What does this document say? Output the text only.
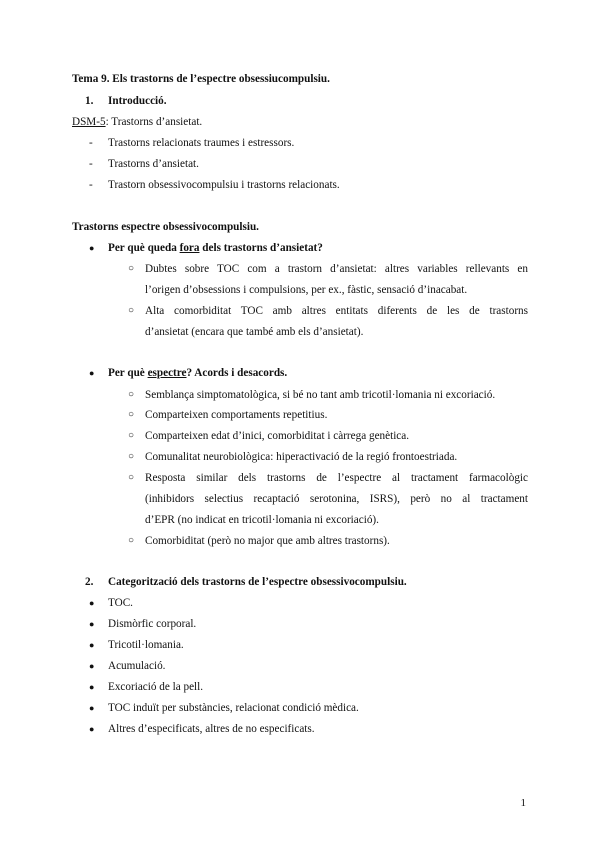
Tema 9. Els trastorns de l’espectre obsessiucompulsiu.
1. Introducció.
DSM-5: Trastorns d’ansietat.
- Trastorns relacionats traumes i estressors.
- Trastorns d’ansietat.
- Trastorn obsessivocompulsiu i trastorns relacionats.
Trastorns espectre obsessivocompulsiu.
● Per què queda fora dels trastorns d’ansietat?
○ Dubtes sobre TOC com a trastorn d’ansietat: altres variables rellevants en
l’origen d’obsessions i compulsions, per ex., fàstic, sensació d’inacabat.
○ Alta comorbiditat TOC amb altres entitats diferents de les de trastorns
d’ansietat (encara que també amb els d’ansietat).
● Per què espectre? Acords i desacords.
○ Semblança simptomatològica, si bé no tant amb tricotil·lomania ni excoriació.
○ Comparteixen comportaments repetitius.
○ Comparteixen edat d’inici, comorbiditat i càrrega genètica.
○ Comunalitat neurobiològica: hiperactivació de la regió frontoestriada.
○ Resposta similar dels trastorns de l’espectre al tractament farmacològic
(inhibidors selectius recaptació serotonina, ISRS), però no al tractament
d’EPR (no indicat en tricotil·lomania ni excoriació).
○ Comorbiditat (però no major que amb altres trastorns).
2. Categorització dels trastorns de l’espectre obsessivocompulsiu.
● TOC.
● Dismòrfic corporal.
● Tricotil·lomania.
● Acumulació.
● Excoriació de la pell.
● TOC induït per substàncies, relacionat condició mèdica.
● Altres d’especificats, altres de no especificats.
1
